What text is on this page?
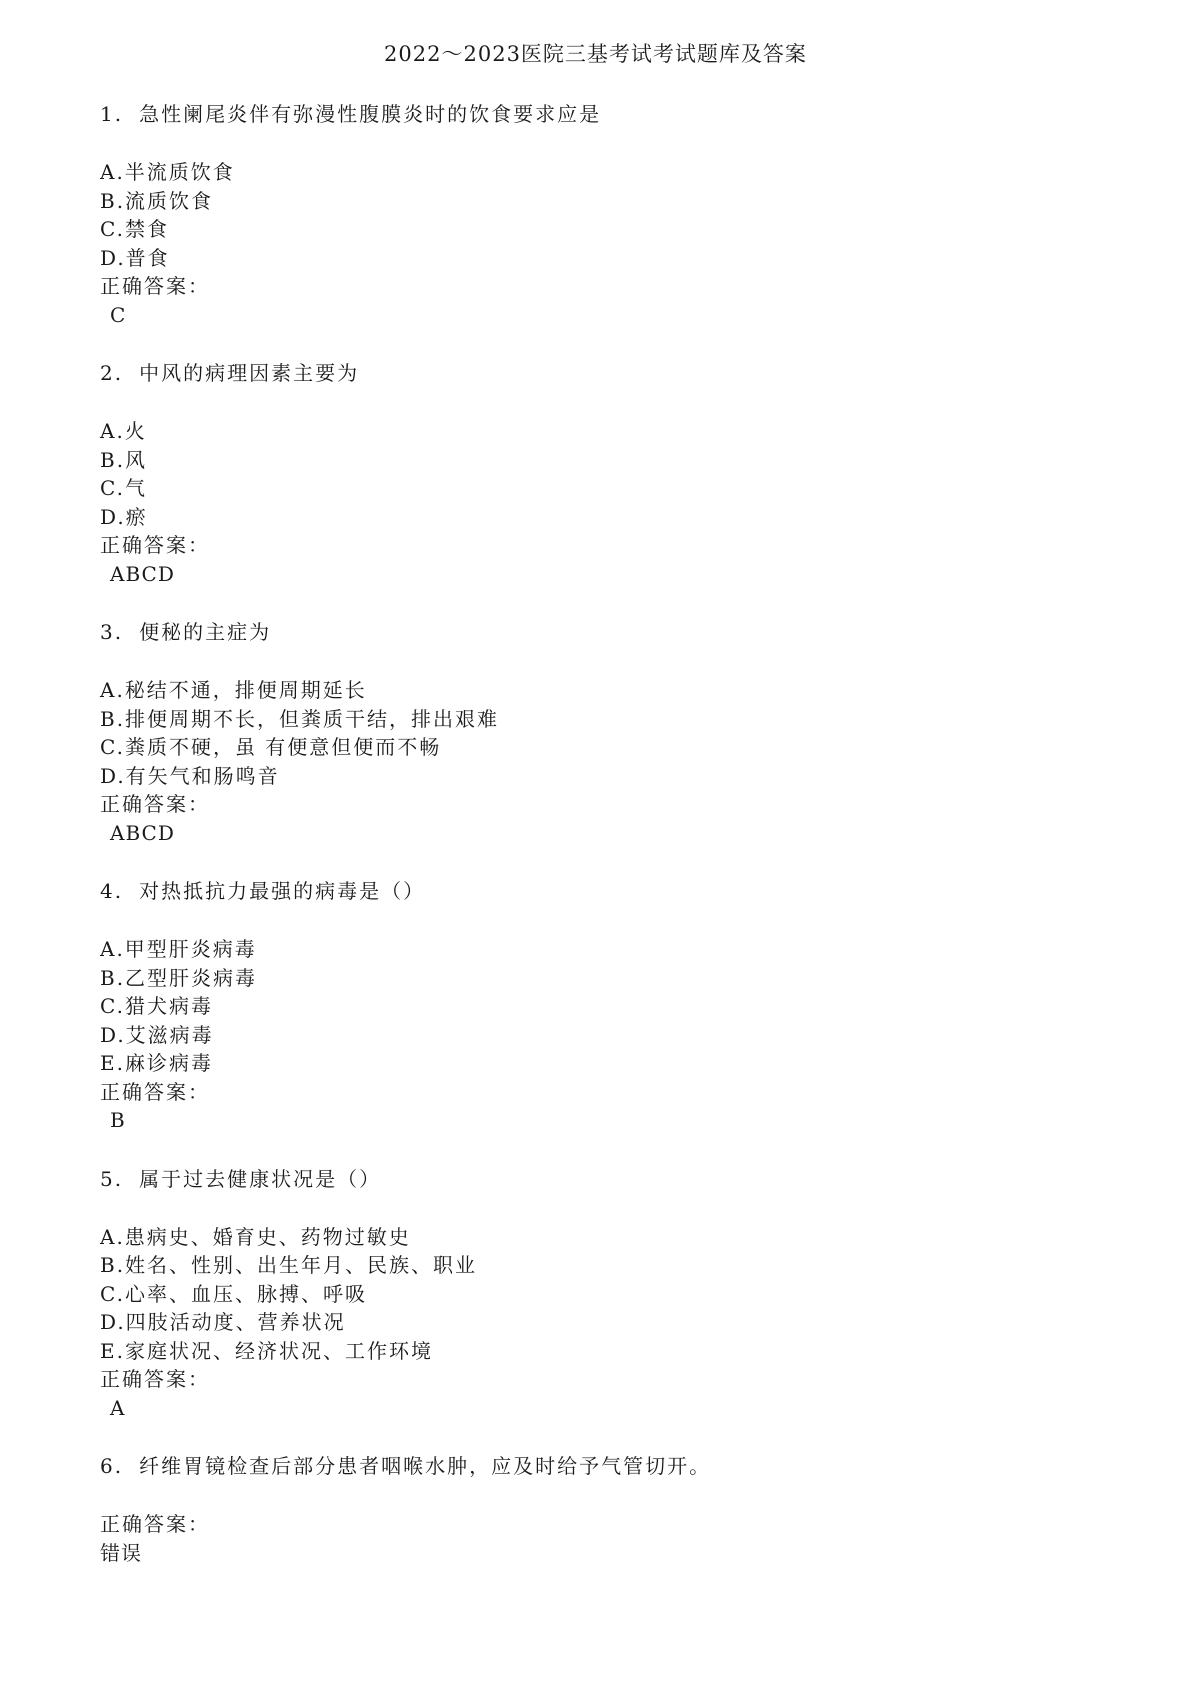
2022～2023医院三基考试考试题库及答案
1. 急性阑尾炎伴有弥漫性腹膜炎时的饮食要求应是
A.半流质饮食
B.流质饮食
C.禁食
D.普食
正确答案：
C
2. 中风的病理因素主要为
A.火
B.风
C.气
D.瘀
正确答案：
ABCD
3. 便秘的主症为
A.秘结不通，排便周期延长
B.排便周期不长，但粪质干结，排出艰难
C.粪质不硬，虽 有便意但便而不畅
D.有矢气和肠鸣音
正确答案：
ABCD
4. 对热抵抗力最强的病毒是（）
A.甲型肝炎病毒
B.乙型肝炎病毒
C.猎犬病毒
D.艾滋病毒
E.麻诊病毒
正确答案：
B
5. 属于过去健康状况是（）
A.患病史、婚育史、药物过敏史
B.姓名、性别、出生年月、民族、职业
C.心率、血压、脉搏、呼吸
D.四肢活动度、营养状况
E.家庭状况、经济状况、工作环境
正确答案：
A
6. 纤维胃镜检查后部分患者咽喉水肿，应及时给予气管切开。
正确答案：
错误
